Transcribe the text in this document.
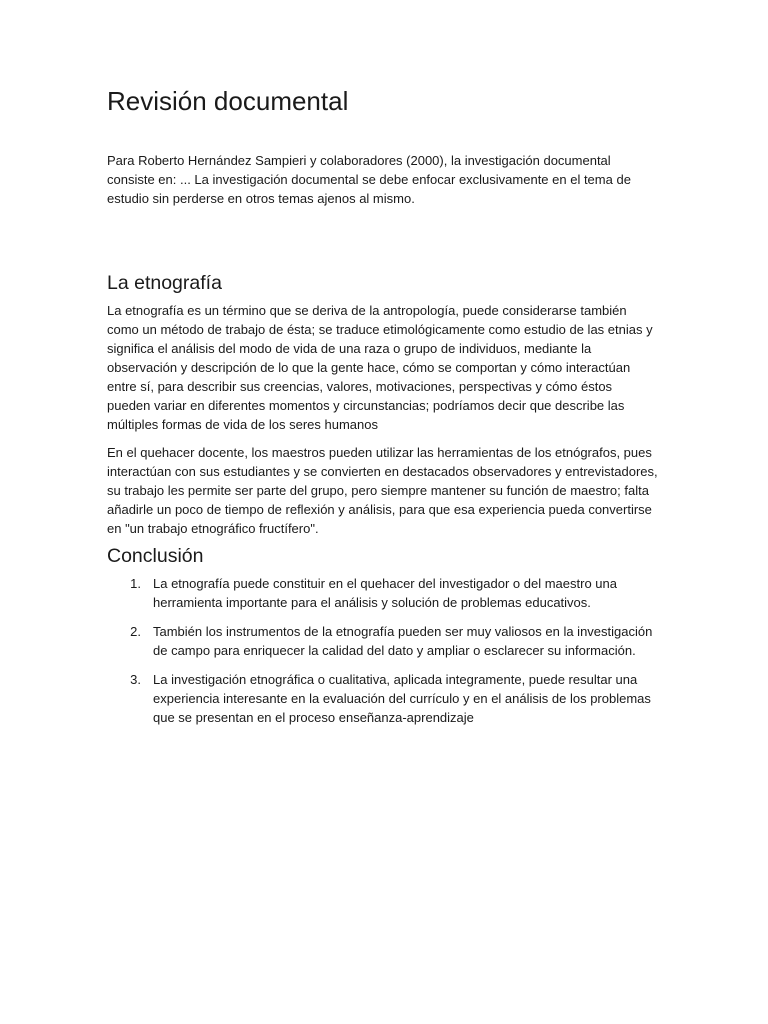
Revisión documental

Para Roberto Hernández Sampieri y colaboradores (2000), la investigación documental consiste en: ... La investigación documental se debe enfocar exclusivamente en el tema de estudio sin perderse en otros temas ajenos al mismo.

La etnografía

La etnografía es un término que se deriva de la antropología, puede considerarse también como un método de trabajo de ésta; se traduce etimológicamente como estudio de las etnias y significa el análisis del modo de vida de una raza o grupo de individuos, mediante la observación y descripción de lo que la gente hace, cómo se comportan y cómo interactúan entre sí, para describir sus creencias, valores, motivaciones, perspectivas y cómo éstos pueden variar en diferentes momentos y circunstancias; podríamos decir que describe las múltiples formas de vida de los seres humanos

En el quehacer docente, los maestros pueden utilizar las herramientas de los etnógrafos, pues interactúan con sus estudiantes y se convierten en destacados observadores y entrevistadores, su trabajo les permite ser parte del grupo, pero siempre mantener su función de maestro; falta añadirle un poco de tiempo de reflexión y análisis, para que esa experiencia pueda convertirse en "un trabajo etnográfico fructífero".

Conclusión
1. La etnografía puede constituir en el quehacer del investigador o del maestro una herramienta importante para el análisis y solución de problemas educativos.
2. También los instrumentos de la etnografía pueden ser muy valiosos en la investigación de campo para enriquecer la calidad del dato y ampliar o esclarecer su información.
3. La investigación etnográfica o cualitativa, aplicada integramente, puede resultar una experiencia interesante en la evaluación del currículo y en el análisis de los problemas que se presentan en el proceso enseñanza-aprendizaje
